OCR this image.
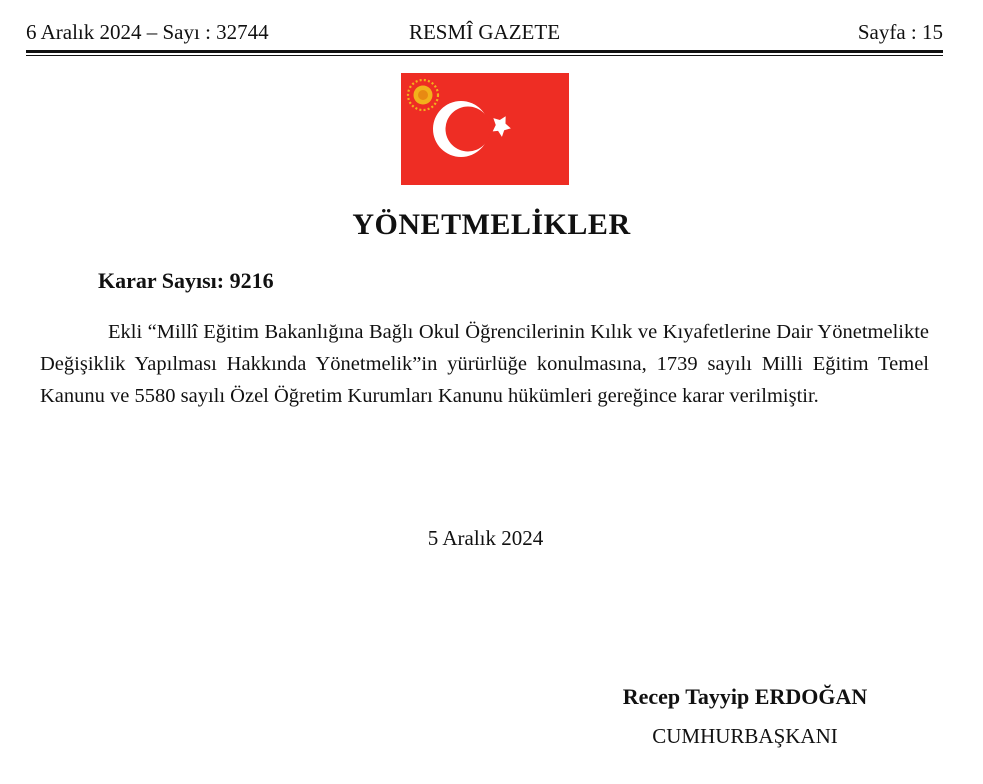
6 Aralık 2024 – Sayı : 32744	RESMÎ GAZETE	Sayfa : 15
YÖNETMELİKLER
Karar Sayısı: 9216
Ekli “Millî Eğitim Bakanlığına Bağlı Okul Öğrencilerinin Kılık ve Kıyafetlerine Dair Yönetmelikte Değişiklik Yapılması Hakkında Yönetmelik”in yürürlüğe konulmasına, 1739 sayılı Milli Eğitim Temel Kanunu ve 5580 sayılı Özel Öğretim Kurumları Kanunu hükümleri gereğince karar verilmiştir.
5 Aralık 2024
Recep Tayyip ERDOĞAN
CUMHURBAŞKANI
